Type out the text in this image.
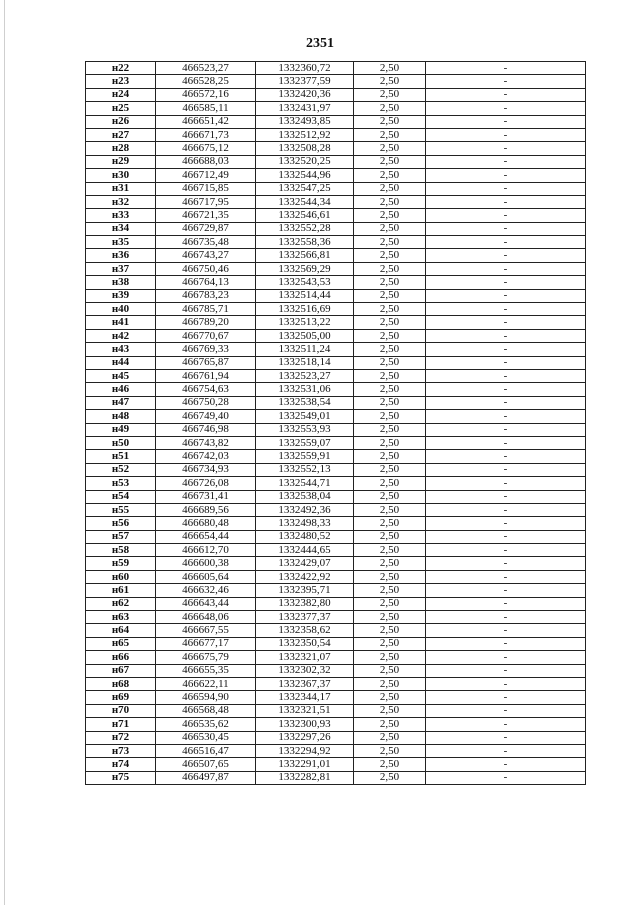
2351
н22	466523,27	1332360,72	2,50	-
н23	466528,25	1332377,59	2,50	-
н24	466572,16	1332420,36	2,50	-
н25	466585,11	1332431,97	2,50	-
н26	466651,42	1332493,85	2,50	-
н27	466671,73	1332512,92	2,50	-
н28	466675,12	1332508,28	2,50	-
н29	466688,03	1332520,25	2,50	-
н30	466712,49	1332544,96	2,50	-
н31	466715,85	1332547,25	2,50	-
н32	466717,95	1332544,34	2,50	-
н33	466721,35	1332546,61	2,50	-
н34	466729,87	1332552,28	2,50	-
н35	466735,48	1332558,36	2,50	-
н36	466743,27	1332566,81	2,50	-
н37	466750,46	1332569,29	2,50	-
н38	466764,13	1332543,53	2,50	-
н39	466783,23	1332514,44	2,50	-
н40	466785,71	1332516,69	2,50	-
н41	466789,20	1332513,22	2,50	-
н42	466770,67	1332505,00	2,50	-
н43	466769,33	1332511,24	2,50	-
н44	466765,87	1332518,14	2,50	-
н45	466761,94	1332523,27	2,50	-
н46	466754,63	1332531,06	2,50	-
н47	466750,28	1332538,54	2,50	-
н48	466749,40	1332549,01	2,50	-
н49	466746,98	1332553,93	2,50	-
н50	466743,82	1332559,07	2,50	-
н51	466742,03	1332559,91	2,50	-
н52	466734,93	1332552,13	2,50	-
н53	466726,08	1332544,71	2,50	-
н54	466731,41	1332538,04	2,50	-
н55	466689,56	1332492,36	2,50	-
н56	466680,48	1332498,33	2,50	-
н57	466654,44	1332480,52	2,50	-
н58	466612,70	1332444,65	2,50	-
н59	466600,38	1332429,07	2,50	-
н60	466605,64	1332422,92	2,50	-
н61	466632,46	1332395,71	2,50	-
н62	466643,44	1332382,80	2,50	-
н63	466648,06	1332377,37	2,50	-
н64	466667,55	1332358,62	2,50	-
н65	466677,17	1332350,54	2,50	-
н66	466675,79	1332321,07	2,50	-
н67	466655,35	1332302,32	2,50	-
н68	466622,11	1332367,37	2,50	-
н69	466594,90	1332344,17	2,50	-
н70	466568,48	1332321,51	2,50	-
н71	466535,62	1332300,93	2,50	-
н72	466530,45	1332297,26	2,50	-
н73	466516,47	1332294,92	2,50	-
н74	466507,65	1332291,01	2,50	-
н75	466497,87	1332282,81	2,50	-
